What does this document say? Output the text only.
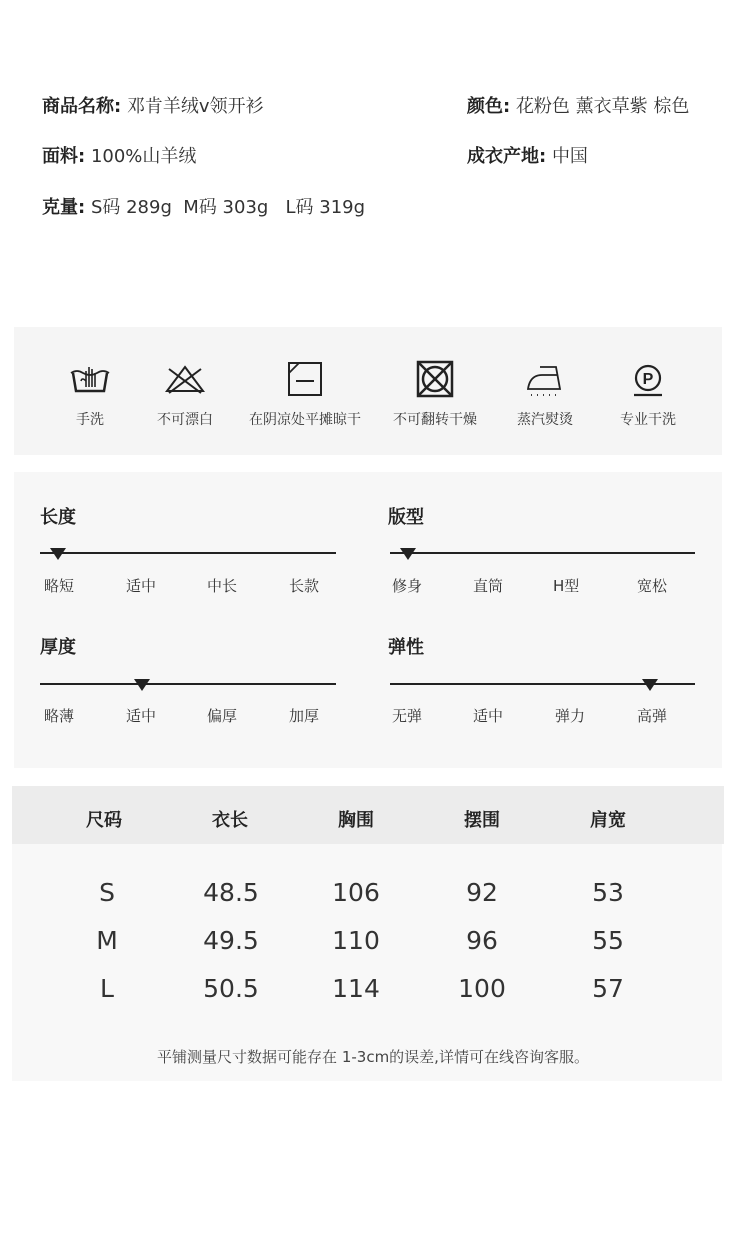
商品名称: 邓肯羊绒v领开衫	颜色: 花粉色 薰衣草紫 棕色
面料: 100%山羊绒	成衣产地: 中国
克量: S码 289g  M码 303g   L码 319g
手洗	不可漂白	在阴凉处平摊晾干	不可翻转干燥	蒸汽熨烫
P
专业干洗
长度
略短	适中	中长	长款
版型
修身	直筒	H型	宽松
厚度
略薄	适中	偏厚	加厚
弹性
无弹	适中	弹力	高弹
尺码	衣长	胸围	摆围	肩宽
S	48.5	106	92	53
M	49.5	110	96	55
L	50.5	114	100	57
平铺测量尺寸数据可能存在 1-3cm的误差,详情可在线咨询客服。
